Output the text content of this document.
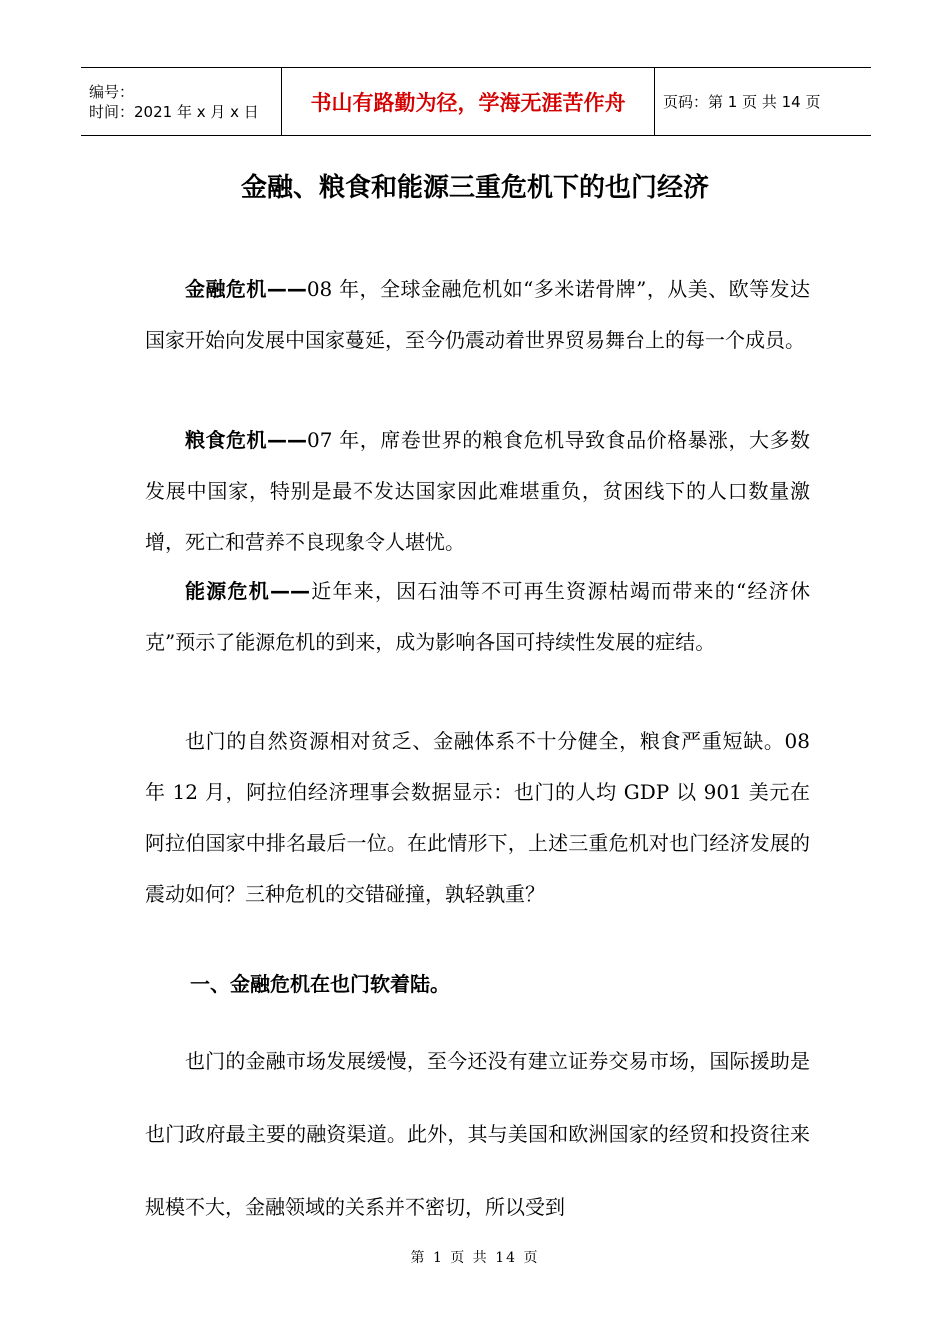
编号：
时间：2021 年 x 月 x 日	书山有路勤为径，学海无涯苦作舟	页码：第 1 页 共 14 页
金融、粮食和能源三重危机下的也门经济

金融危机——08 年，全球金融危机如“多米诺骨牌”，从美、欧等发达国家开始向发展中国家蔓延，至今仍震动着世界贸易舞台上的每一个成员。

粮食危机——07 年，席卷世界的粮食危机导致食品价格暴涨，大多数发展中国家，特别是最不发达国家因此难堪重负，贫困线下的人口数量激增，死亡和营养不良现象令人堪忧。

能源危机——近年来，因石油等不可再生资源枯竭而带来的“经济休克”预示了能源危机的到来，成为影响各国可持续性发展的症结。

也门的自然资源相对贫乏、金融体系不十分健全，粮食严重短缺。08 年 12 月，阿拉伯经济理事会数据显示：也门的人均 GDP 以 901 美元在阿拉伯国家中排名最后一位。在此情形下，上述三重危机对也门经济发展的震动如何？三种危机的交错碰撞，孰轻孰重？

一、金融危机在也门软着陆。

也门的金融市场发展缓慢，至今还没有建立证券交易市场，国际援助是也门政府最主要的融资渠道。此外，其与美国和欧洲国家的经贸和投资往来规模不大，金融领域的关系并不密切，所以受到

第 1 页 共 14 页
